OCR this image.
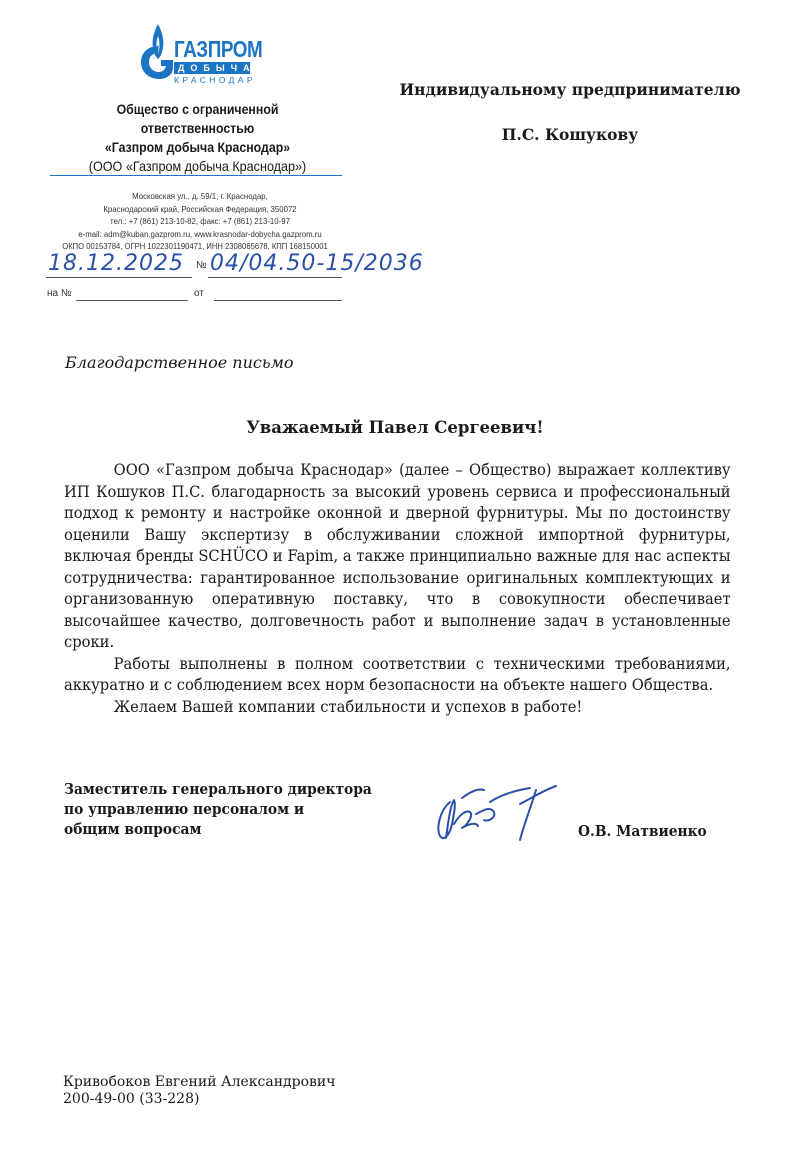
ГАЗПРОМ
ДОБЫЧА
КРАСНОДАР
Общество с ограниченной ответственностью
«Газпром добыча Краснодар»
(ООО «Газпром добыча Краснодар»)
Московская ул., д. 59/1, г. Краснодар,
Краснодарский край, Российская Федерация, 350072
тел.: +7 (861) 213-10-82, факс: +7 (861) 213-10-97
e-mail: adm@kuban.gazprom.ru, www.krasnodar-dobycha.gazprom.ru
ОКПО 00153784, ОГРН 1022301190471, ИНН 2308065678, КПП 168150001
18.12.2025 № 04/04.50-15/2036
на №	от
Индивидуальному предпринимателю
П.С. Кошукову
Благодарственное письмо
Уважаемый Павел Сергеевич!

ООО «Газпром добыча Краснодар» (далее – Общество) выражает коллективу ИП Кошуков П.С. благодарность за высокий уровень сервиса и профессиональный подход к ремонту и настройке оконной и дверной фурнитуры. Мы по достоинству оценили Вашу экспертизу в обслуживании сложной импортной фурнитуры, включая бренды SCHÜCO и Fapim, а также принципиально важные для нас аспекты сотрудничества: гарантированное использование оригинальных комплектующих и организованную оперативную поставку, что в совокупности обеспечивает высочайшее качество, долговечность работ и выполнение задач в установленные сроки.

Работы выполнены в полном соответствии с техническими требованиями, аккуратно и с соблюдением всех норм безопасности на объекте нашего Общества.

Желаем Вашей компании стабильности и успехов в работе!

Заместитель генерального директора
по управлению персоналом и
общим вопросам	О.В. Матвиенко
Кривобоков Евгений Александрович
200-49-00 (33-228)
